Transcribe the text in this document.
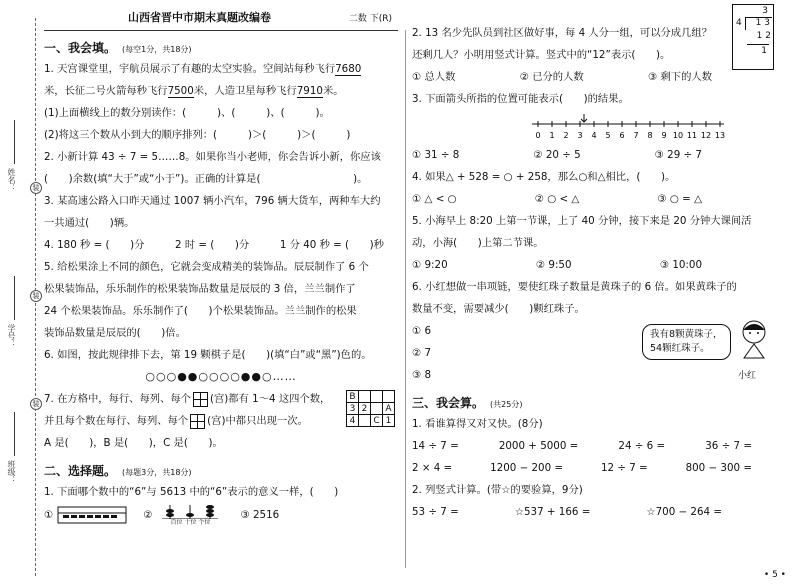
装
装
装
姓名：
学号：
班级：
山西省晋中市期末真题改编卷	二数 下(R)
一、我会填。 (每空1分，共18分)
1. 天宫课堂里，宇航员展示了有趣的太空实验。空间站每秒飞行7680
米，长征二号火箭每秒飞行7500米，人造卫星每秒飞行7910米。
(1)上面横线上的数分别读作：(　　　)、(　　　)、(　　　)。
(2)将这三个数从小到大的顺序排列：(　　　)＞(　　　)＞(　　　)
2. 小新计算 43 ÷ 7 = 5……8。如果你当小老师，你会告诉小新，你应该
(　　)余数(填“大于”或“小于”)。正确的计算是(　　　　　　　　　)。
3. 某高速公路入口昨天通过 1007 辆小汽车，796 辆大货车，两种车大约
一共通过(　　)辆。
4. 180 秒 = (　　)分	2 时 = (　　)分	1 分 40 秒 = (　　)秒
5. 给松果涂上不同的颜色，它就会变成精美的装饰品。辰辰制作了 6 个
松果装饰品，乐乐制作的松果装饰品数量是辰辰的 3 倍，兰兰制作了
24 个松果装饰品。乐乐制作了(　　)个松果装饰品。兰兰制作的松果
装饰品数量是辰辰的(　　)倍。
6. 如图，按此规律排下去，第 19 颗棋子是(　　)(填“白”或“黑”)色的。
○○○●●○○○○●●○……
7. 在方格中，每行、每列、每个 (宫)都有 1～4 这四个数，
并且每个数在每行、每列、每个 (宫)中都只出现一次。
A 是(　　)，B 是(　　)，C 是(　　)。
B			
3	2		A
4		C	1
二、选择题。 (每题3分，共18分)
1. 下面哪个数中的“6”与 5613 中的“6”表示的意义一样，(　　)
①	②
百位 十位 个位
③ 2516
2. 13 名少先队员到社区做好事，每 4 人分一组，可以分成几组？
还剩几人？小明用竖式计算。竖式中的“12”表示(　　)。
① 总人数	② 已分的人数	③ 剩下的人数
3
4	1 3
1 2
1
3. 下面箭头所指的位置可能表示(　　)的结果。
0 1 2 3 4 5 6 7 8 9 10 11 12 13
① 31 ÷ 8	② 20 ÷ 5	③ 29 ÷ 7
4. 如果△ + 528 = ○ + 258，那么○和△相比，(　　)。
① △ < ○	② ○ < △	③ ○ = △
5. 小海早上 8:20 上第一节课，上了 40 分钟，接下来是 20 分钟大课间活
动，小海(　　)上第二节课。
① 9:20	② 9:50	③ 10:00
6. 小红想做一串项链，要使红珠子数量是黄珠子的 6 倍。如果黄珠子的
数量不变，需要减少(　　)颗红珠子。
① 6
② 7
③ 8
我有8颗黄珠子，
54颗红珠子。
小红
三、我会算。 (共25分)
1. 看谁算得又对又快。(8分)
14 ÷ 7 =	2000 + 5000 =	24 ÷ 6 =	36 ÷ 7 =
2 × 4 =	1200 − 200 =	12 ÷ 7 =	800 − 300 =
2. 列竖式计算。(带☆的要验算，9分)
53 ÷ 7 =	☆537 + 166 =	☆700 − 264 =
• 5 •
